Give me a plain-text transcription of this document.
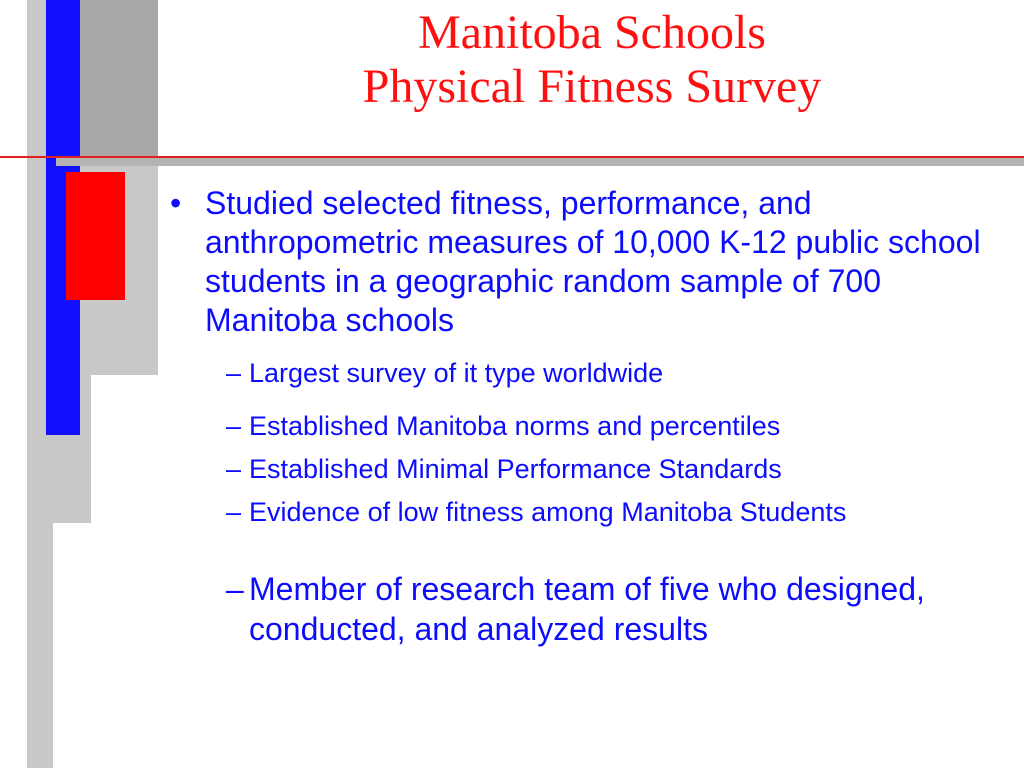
Manitoba Schools
Physical Fitness Survey
• Studied selected fitness, performance, and anthropometric measures of 10,000 K-12 public school students in a geographic random sample of 700 Manitoba schools
– Largest survey of it type worldwide
– Established Manitoba norms and percentiles
– Established Minimal Performance Standards
– Evidence of low fitness among Manitoba Students
– Member of research team of five who designed, conducted, and analyzed results
